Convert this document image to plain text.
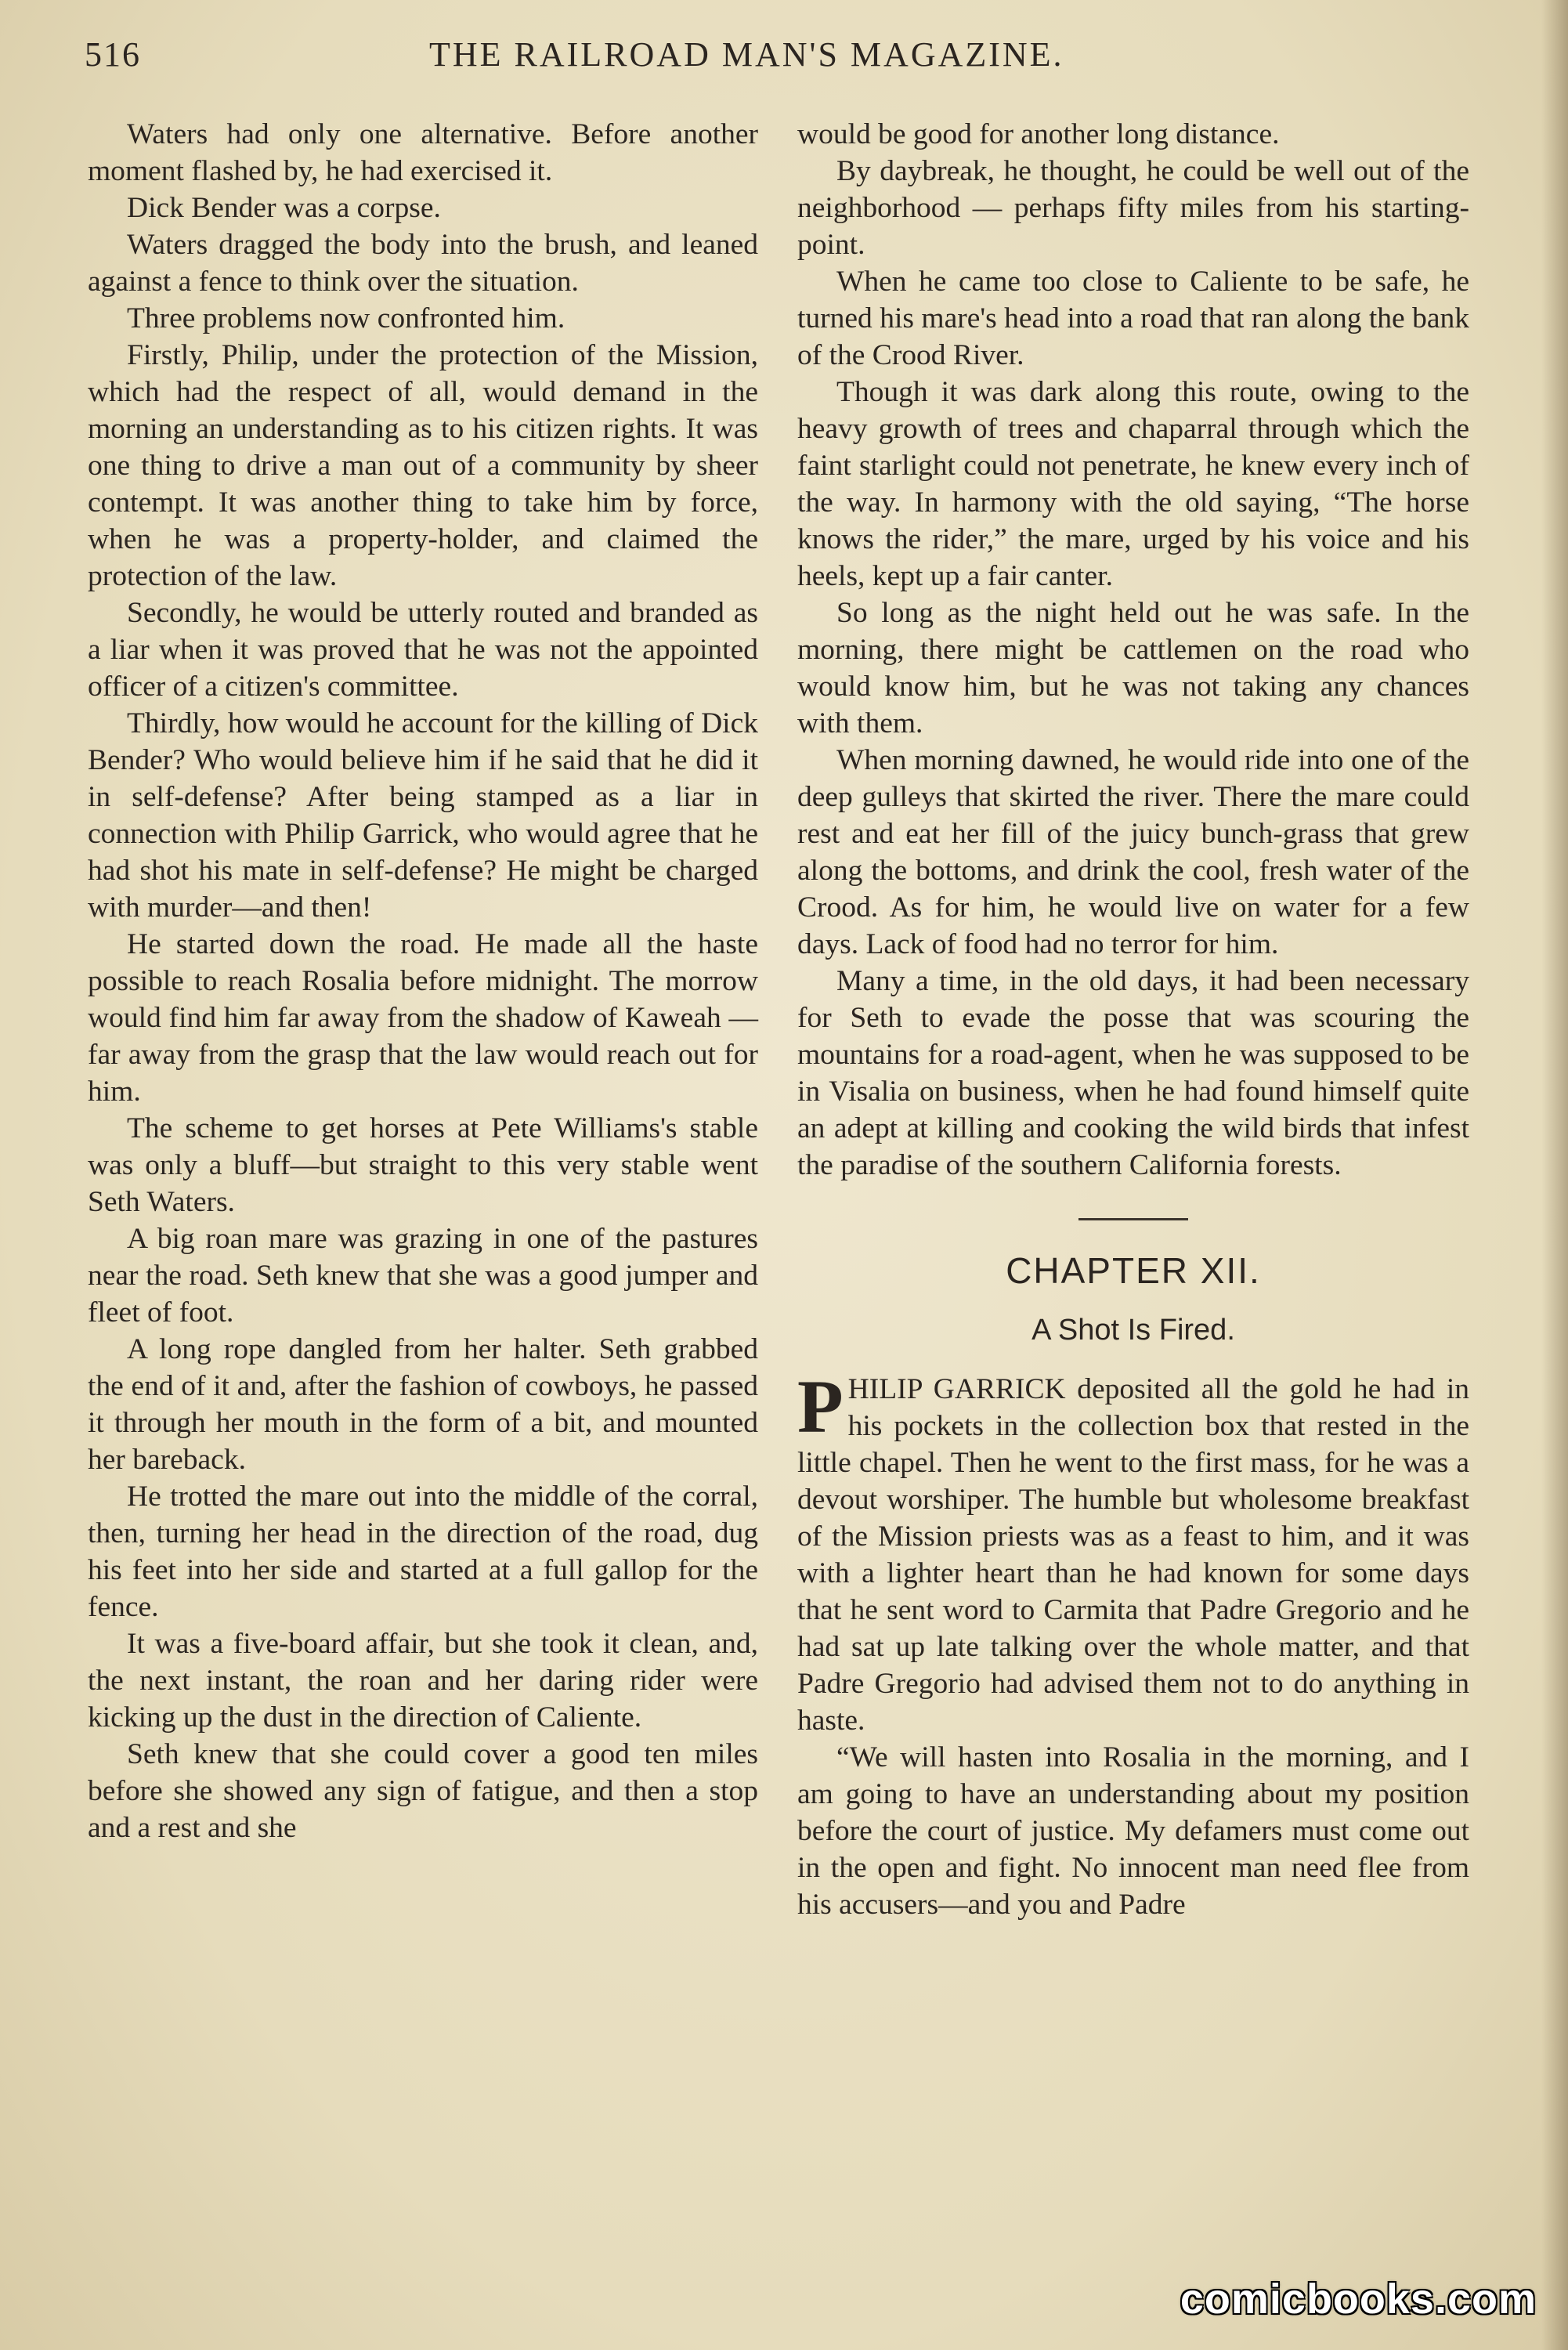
516	THE RAILROAD MAN'S MAGAZINE.

Waters had only one alternative. Before another moment flashed by, he had exercised it.

Dick Bender was a corpse.

Waters dragged the body into the brush, and leaned against a fence to think over the situation.

Three problems now confronted him.

Firstly, Philip, under the protection of the Mission, which had the respect of all, would demand in the morning an understanding as to his citizen rights. It was one thing to drive a man out of a community by sheer contempt. It was another thing to take him by force, when he was a property-holder, and claimed the protection of the law.

Secondly, he would be utterly routed and branded as a liar when it was proved that he was not the appointed officer of a citizen's committee.

Thirdly, how would he account for the killing of Dick Bender? Who would believe him if he said that he did it in self-defense? After being stamped as a liar in connection with Philip Garrick, who would agree that he had shot his mate in self-defense? He might be charged with murder—and then!

He started down the road. He made all the haste possible to reach Rosalia before midnight. The morrow would find him far away from the shadow of Kaweah — far away from the grasp that the law would reach out for him.

The scheme to get horses at Pete Williams's stable was only a bluff—but straight to this very stable went Seth Waters.

A big roan mare was grazing in one of the pastures near the road. Seth knew that she was a good jumper and fleet of foot.

A long rope dangled from her halter. Seth grabbed the end of it and, after the fashion of cowboys, he passed it through her mouth in the form of a bit, and mounted her bareback.

He trotted the mare out into the middle of the corral, then, turning her head in the direction of the road, dug his feet into her side and started at a full gallop for the fence.

It was a five-board affair, but she took it clean, and, the next instant, the roan and her daring rider were kicking up the dust in the direction of Caliente.

Seth knew that she could cover a good ten miles before she showed any sign of fatigue, and then a stop and a rest and she

would be good for another long distance.

By daybreak, he thought, he could be well out of the neighborhood — perhaps fifty miles from his starting-point.

When he came too close to Caliente to be safe, he turned his mare's head into a road that ran along the bank of the Crood River.

Though it was dark along this route, owing to the heavy growth of trees and chaparral through which the faint starlight could not penetrate, he knew every inch of the way. In harmony with the old saying, “The horse knows the rider,” the mare, urged by his voice and his heels, kept up a fair canter.

So long as the night held out he was safe. In the morning, there might be cattlemen on the road who would know him, but he was not taking any chances with them.

When morning dawned, he would ride into one of the deep gulleys that skirted the river. There the mare could rest and eat her fill of the juicy bunch-grass that grew along the bottoms, and drink the cool, fresh water of the Crood. As for him, he would live on water for a few days. Lack of food had no terror for him.

Many a time, in the old days, it had been necessary for Seth to evade the posse that was scouring the mountains for a road-agent, when he was supposed to be in Visalia on business, when he had found himself quite an adept at killing and cooking the wild birds that infest the paradise of the southern California forests.

CHAPTER XII.
A Shot Is Fired.

PHILIP GARRICK deposited all the gold he had in his pockets in the collection box that rested in the little chapel. Then he went to the first mass, for he was a devout worshiper. The humble but wholesome breakfast of the Mission priests was as a feast to him, and it was with a lighter heart than he had known for some days that he sent word to Carmita that Padre Gregorio and he had sat up late talking over the whole matter, and that Padre Gregorio had advised them not to do anything in haste.

“We will hasten into Rosalia in the morning, and I am going to have an understanding about my position before the court of justice. My defamers must come out in the open and fight. No innocent man need flee from his accusers—and you and Padre

comicbooks.com
